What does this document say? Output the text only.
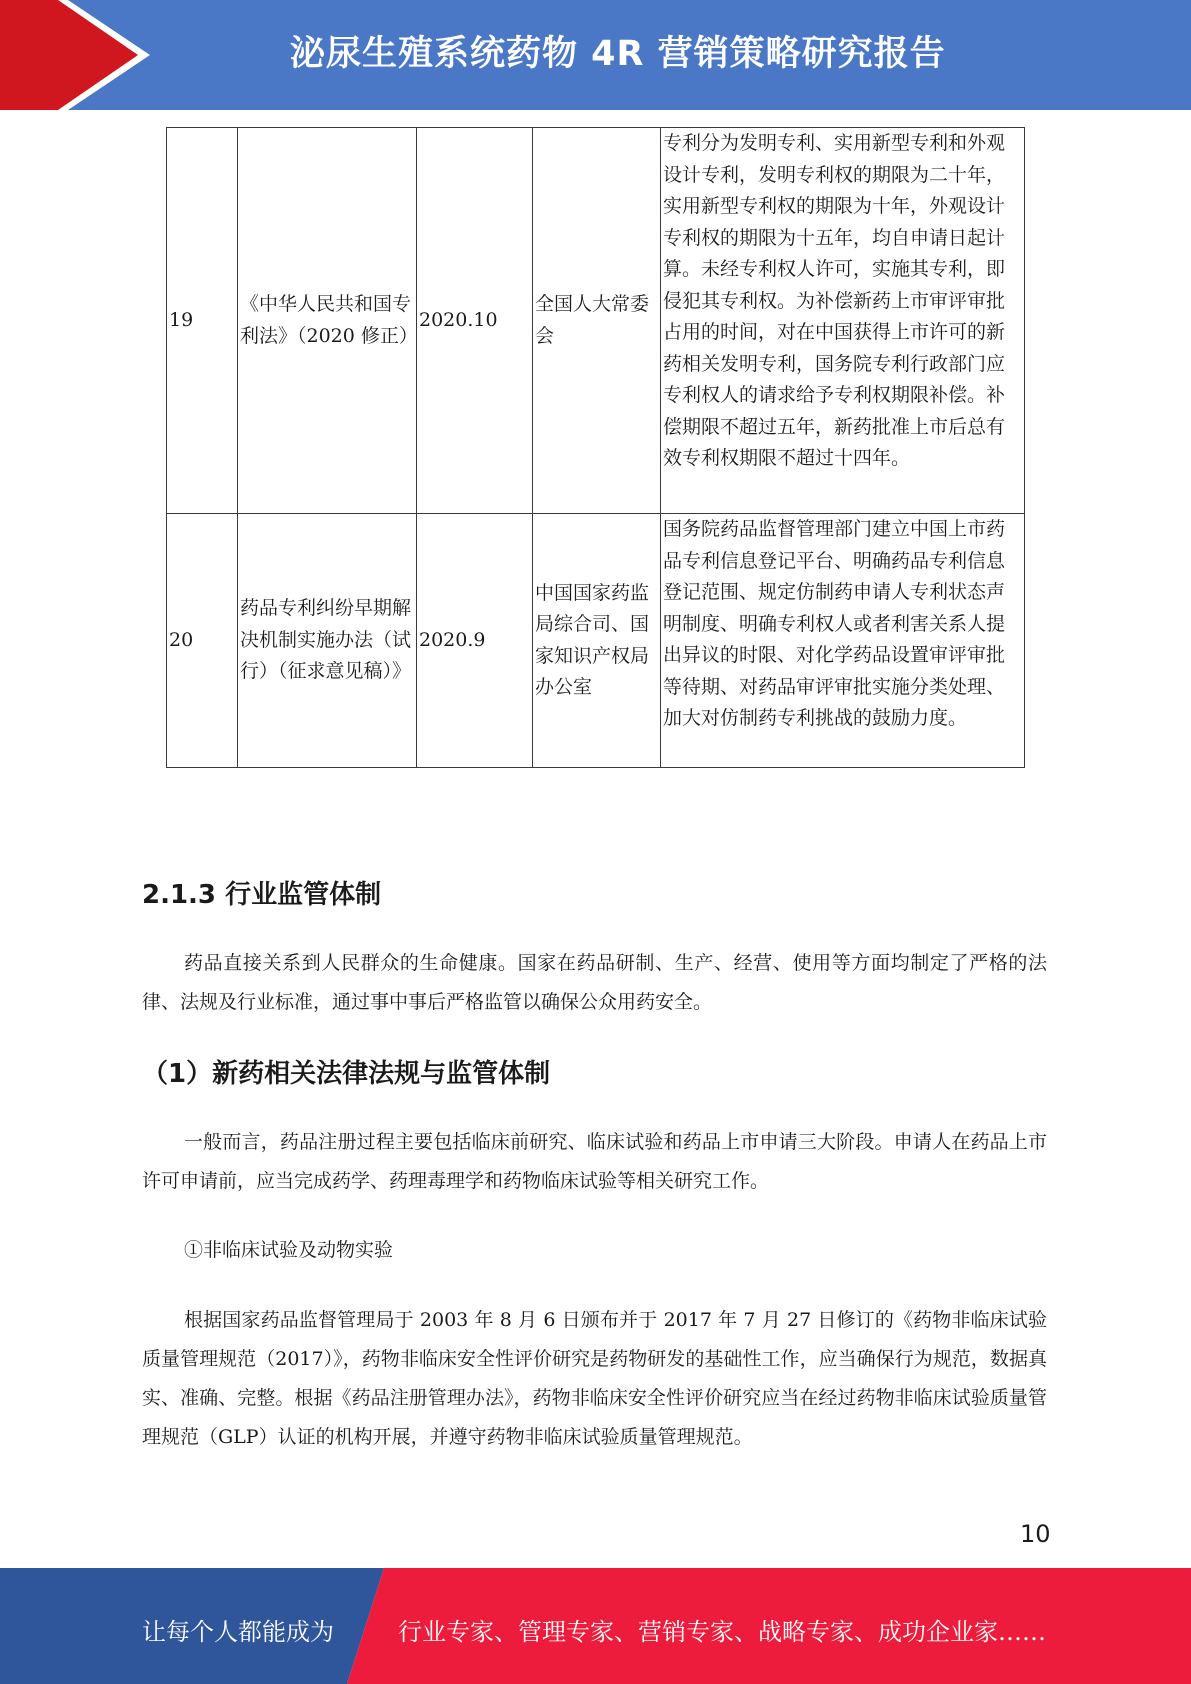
泌尿生殖系统药物 4R 营销策略研究报告
19	《中华人民共和国专利法》（2020 修正）	2020.10	全国人大常委会	专利分为发明专利、实用新型专利和外观设计专利，发明专利权的期限为二十年，实用新型专利权的期限为十年，外观设计专利权的期限为十五年，均自申请日起计算。未经专利权人许可，实施其专利，即侵犯其专利权。为补偿新药上市审评审批占用的时间，对在中国获得上市许可的新药相关发明专利，国务院专利行政部门应专利权人的请求给予专利权期限补偿。补偿期限不超过五年，新药批准上市后总有效专利权期限不超过十四年。
20	药品专利纠纷早期解决机制实施办法（试行）（征求意见稿）》	2020.9	中国国家药监局综合司、国家知识产权局办公室	国务院药品监督管理部门建立中国上市药品专利信息登记平台、明确药品专利信息登记范围、规定仿制药申请人专利状态声明制度、明确专利权人或者利害关系人提出异议的时限、对化学药品设置审评审批等待期、对药品审评审批实施分类处理、加大对仿制药专利挑战的鼓励力度。
2.1.3 行业监管体制

药品直接关系到人民群众的生命健康。国家在药品研制、生产、经营、使用等方面均制定了严格的法律、法规及行业标准，通过事中事后严格监管以确保公众用药安全。

（1）新药相关法律法规与监管体制

一般而言，药品注册过程主要包括临床前研究、临床试验和药品上市申请三大阶段。申请人在药品上市许可申请前，应当完成药学、药理毒理学和药物临床试验等相关研究工作。

①非临床试验及动物实验

根据国家药品监督管理局于 2003 年 8 月 6 日颁布并于 2017 年 7 月 27 日修订的《药物非临床试验质量管理规范（2017）》，药物非临床安全性评价研究是药物研发的基础性工作，应当确保行为规范，数据真实、准确、完整。根据《药品注册管理办法》，药物非临床安全性评价研究应当在经过药物非临床试验质量管理规范（GLP）认证的机构开展，并遵守药物非临床试验质量管理规范。

10
让每个人都能成为	行业专家、管理专家、营销专家、战略专家、成功企业家……
